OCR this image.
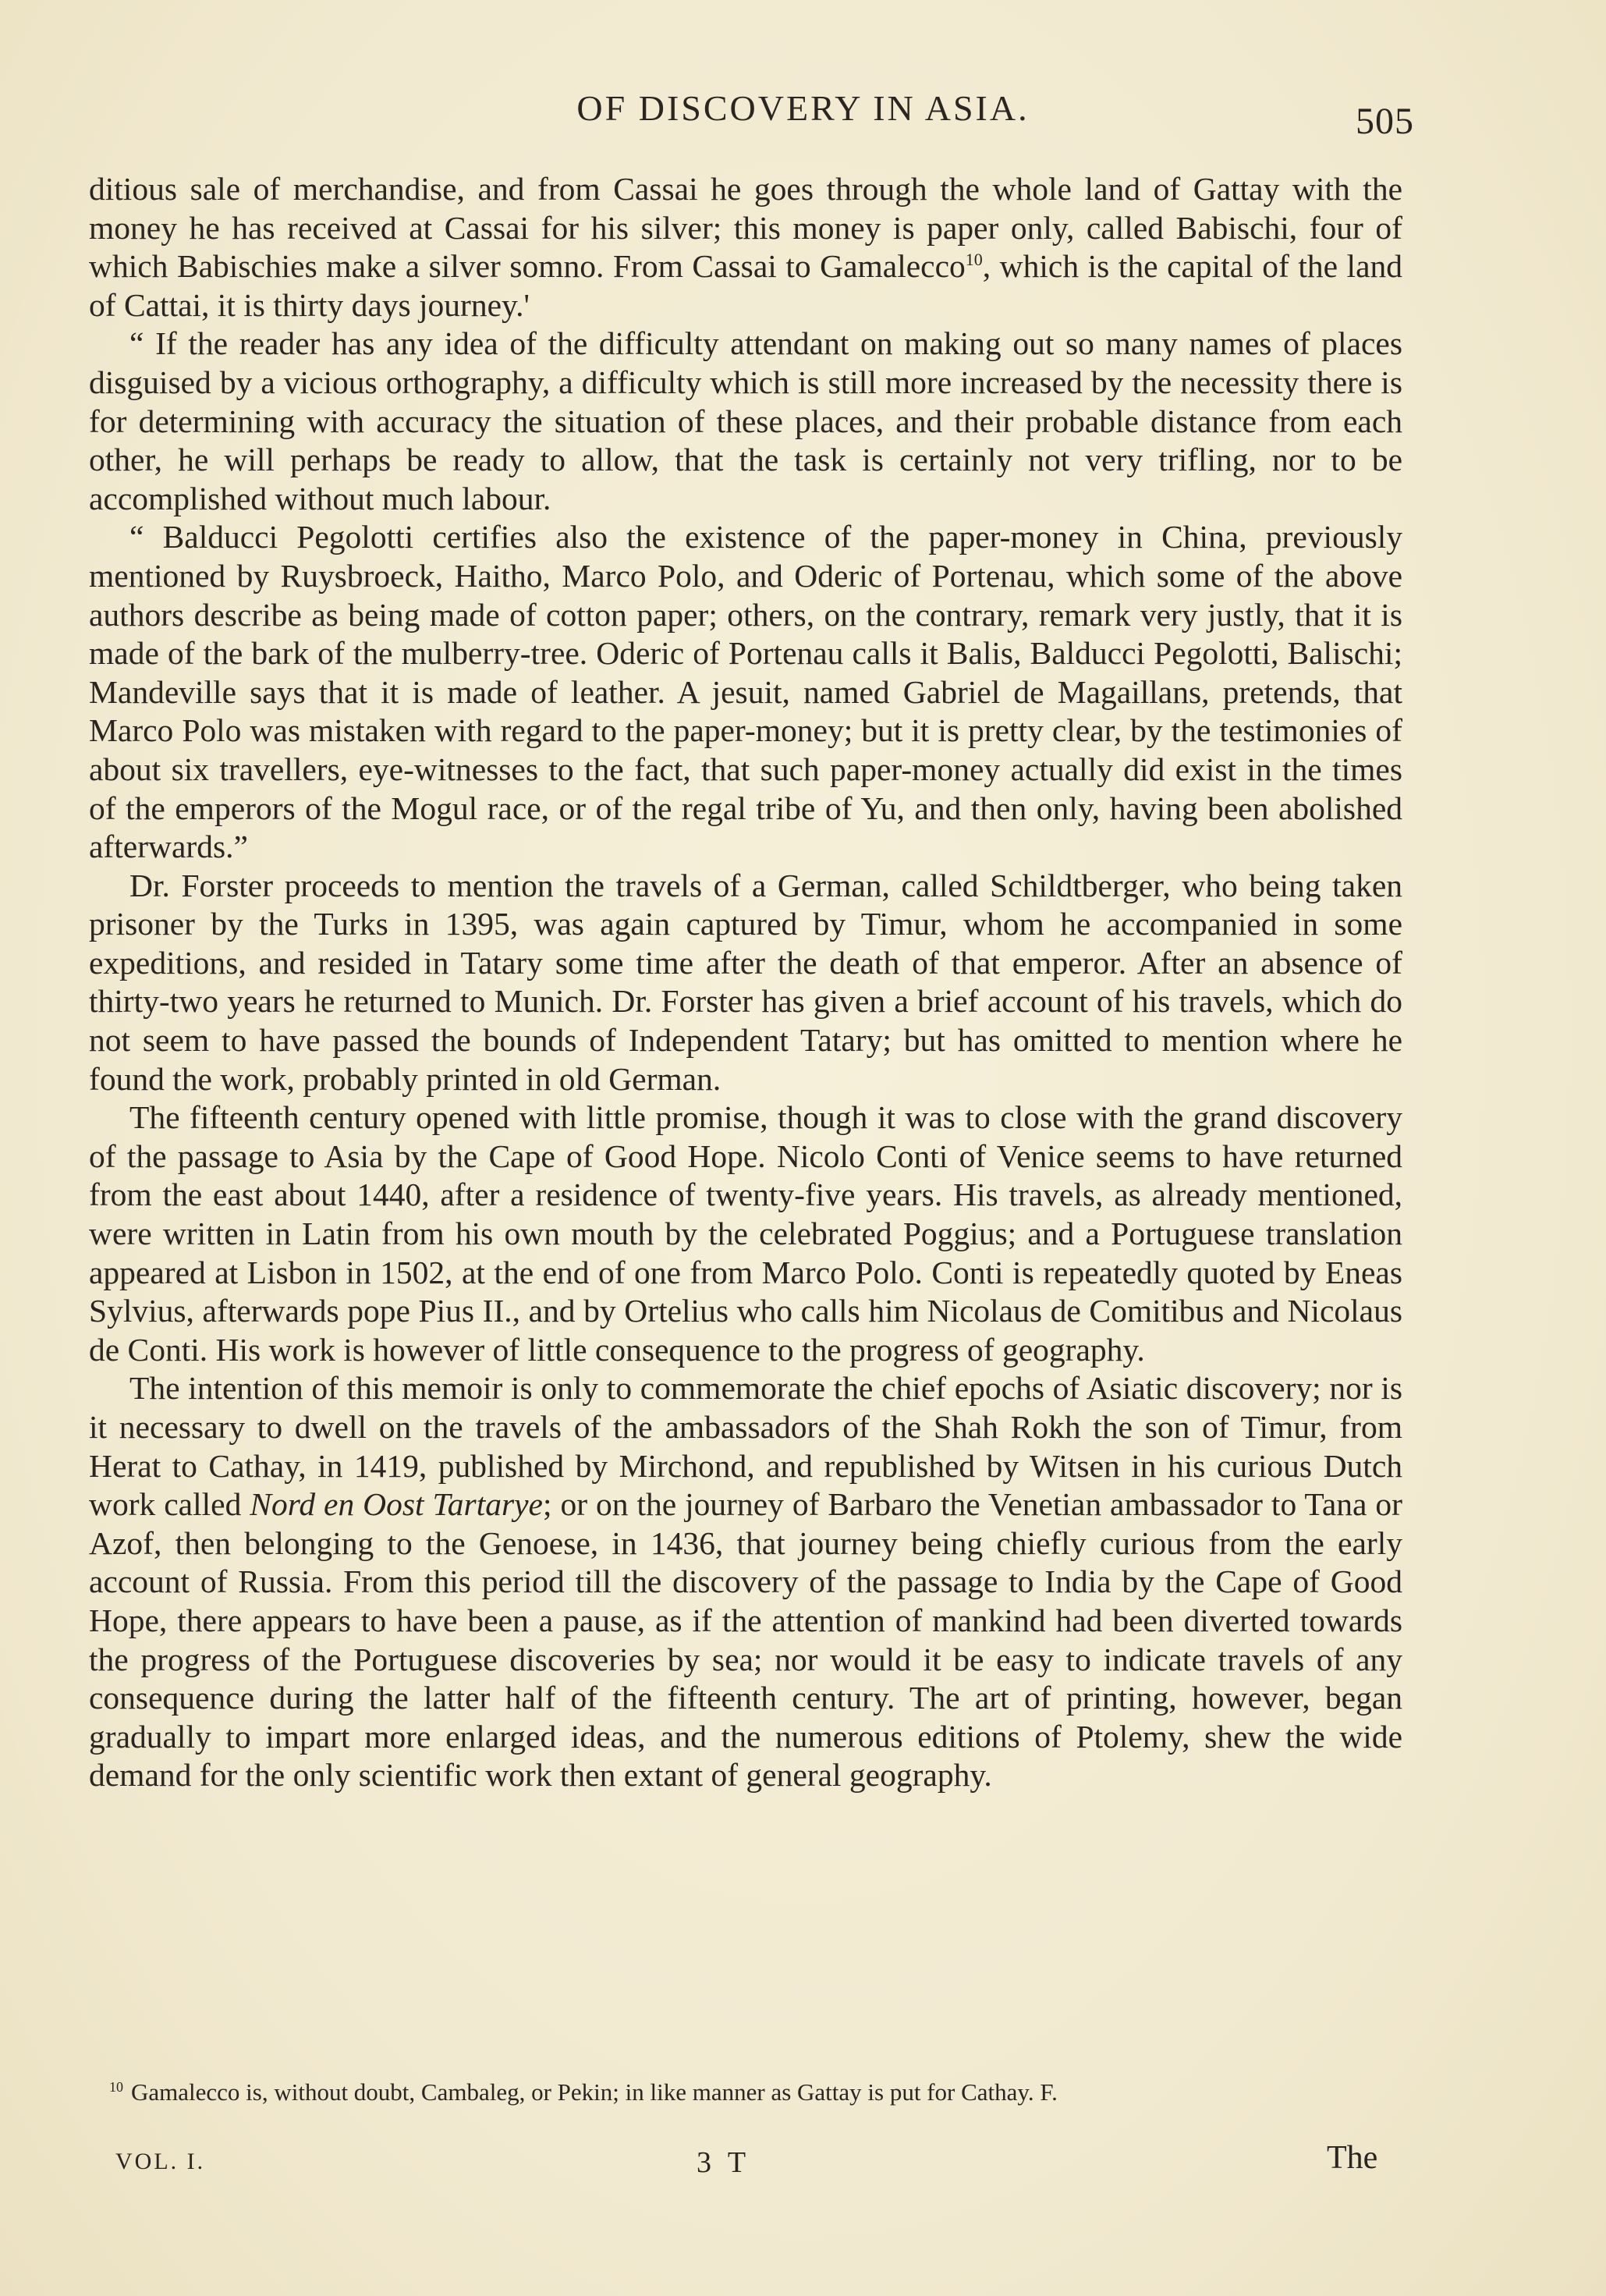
OF DISCOVERY IN ASIA.	505

ditious sale of merchandise, and from Cassai he goes through the whole land of Gattay with the money he has received at Cassai for his silver; this money is paper only, called Babischi, four of which Babischies make a silver somno. From Cassai to Gamalecco$^{10}$, which is the capital of the land of Cattai, it is thirty days journey.'

“ If the reader has any idea of the difficulty attendant on making out so many names of places disguised by a vicious orthography, a difficulty which is still more increased by the necessity there is for determining with accuracy the situation of these places, and their probable distance from each other, he will perhaps be ready to allow, that the task is certainly not very trifling, nor to be accomplished without much labour.

“ Balducci Pegolotti certifies also the existence of the paper-money in China, previously mentioned by Ruysbroeck, Haitho, Marco Polo, and Oderic of Portenau, which some of the above authors describe as being made of cotton paper; others, on the contrary, remark very justly, that it is made of the bark of the mulberry-tree. Oderic of Portenau calls it Balis, Balducci Pegolotti, Balischi; Mandeville says that it is made of leather. A jesuit, named Gabriel de Magaillans, pretends, that Marco Polo was mistaken with regard to the paper-money; but it is pretty clear, by the testimonies of about six travellers, eye-witnesses to the fact, that such paper-money actually did exist in the times of the emperors of the Mogul race, or of the regal tribe of Yu, and then only, having been abolished afterwards.”

Dr. Forster proceeds to mention the travels of a German, called Schildtberger, who being taken prisoner by the Turks in 1395, was again captured by Timur, whom he accompanied in some expeditions, and resided in Tatary some time after the death of that emperor. After an absence of thirty-two years he returned to Munich. Dr. Forster has given a brief account of his travels, which do not seem to have passed the bounds of Independent Tatary; but has omitted to mention where he found the work, probably printed in old German.

The fifteenth century opened with little promise, though it was to close with the grand discovery of the passage to Asia by the Cape of Good Hope. Nicolo Conti of Venice seems to have returned from the east about 1440, after a residence of twenty-five years. His travels, as already mentioned, were written in Latin from his own mouth by the celebrated Poggius; and a Portuguese translation appeared at Lisbon in 1502, at the end of one from Marco Polo. Conti is repeatedly quoted by Eneas Sylvius, afterwards pope Pius II., and by Ortelius who calls him Nicolaus de Comitibus and Nicolaus de Conti. His work is however of little consequence to the progress of geography.

The intention of this memoir is only to commemorate the chief epochs of Asiatic discovery; nor is it necessary to dwell on the travels of the ambassadors of the Shah Rokh the son of Timur, from Herat to Cathay, in 1419, published by Mirchond, and republished by Witsen in his curious Dutch work called Nord en Oost Tartarye; or on the journey of Barbaro the Venetian ambassador to Tana or Azof, then belonging to the Genoese, in 1436, that journey being chiefly curious from the early account of Russia. From this period till the discovery of the passage to India by the Cape of Good Hope, there appears to have been a pause, as if the attention of mankind had been diverted towards the progress of the Portuguese discoveries by sea; nor would it be easy to indicate travels of any consequence during the latter half of the fifteenth century. The art of printing, however, began gradually to impart more enlarged ideas, and the numerous editions of Ptolemy, shew the wide demand for the only scientific work then extant of general geography.

$^{10}$ Gamalecco is, without doubt, Cambaleg, or Pekin; in like manner as Gattay is put for Cathay. F.
VOL. I.	3 T	The
